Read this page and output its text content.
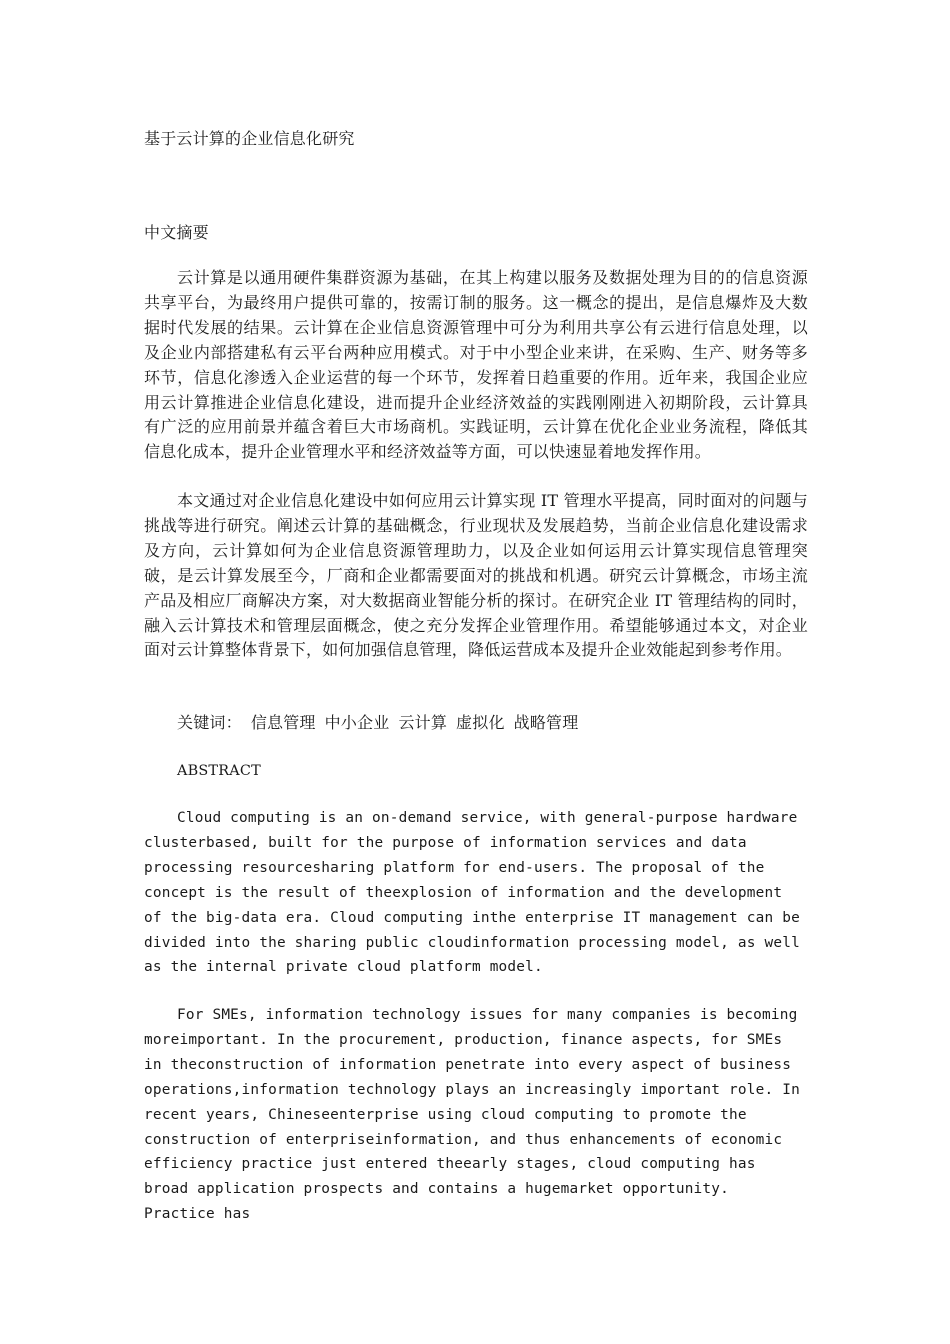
基于云计算的企业信息化研究

中文摘要

云计算是以通用硬件集群资源为基础，在其上构建以服务及数据处理为目的的信息资源共享平台，为最终用户提供可靠的，按需订制的服务。这一概念的提出，是信息爆炸及大数据时代发展的结果。云计算在企业信息资源管理中可分为利用共享公有云进行信息处理，以及企业内部搭建私有云平台两种应用模式。对于中小型企业来讲，在采购、生产、财务等多环节，信息化渗透入企业运营的每一个环节，发挥着日趋重要的作用。近年来，我国企业应用云计算推进企业信息化建设，进而提升企业经济效益的实践刚刚进入初期阶段，云计算具有广泛的应用前景并蕴含着巨大市场商机。实践证明，云计算在优化企业业务流程，降低其信息化成本，提升企业管理水平和经济效益等方面，可以快速显着地发挥作用。

本文通过对企业信息化建设中如何应用云计算实现 IT 管理水平提高，同时面对的问题与挑战等进行研究。阐述云计算的基础概念，行业现状及发展趋势，当前企业信息化建设需求及方向，云计算如何为企业信息资源管理助力，以及企业如何运用云计算实现信息管理突破，是云计算发展至今，厂商和企业都需要面对的挑战和机遇。研究云计算概念，市场主流产品及相应厂商解决方案，对大数据商业智能分析的探讨。在研究企业 IT 管理结构的同时，融入云计算技术和管理层面概念，使之充分发挥企业管理作用。希望能够通过本文，对企业面对云计算整体背景下，如何加强信息管理，降低运营成本及提升企业效能起到参考作用。

关键词： 信息管理 中小企业 云计算 虚拟化 战略管理

ABSTRACT

Cloud computing is an on-demand service, with general-purpose hardware clusterbased, built for the purpose of information services and data processing resourcesharing platform for end-users. The proposal of the concept is the result of theexplosion of information and the development of the big-data era. Cloud computing inthe enterprise IT management can be divided into the sharing public cloudinformation processing model, as well as the internal private cloud platform model.

For SMEs, information technology issues for many companies is becoming moreimportant. In the procurement, production, finance aspects, for SMEs in theconstruction of information penetrate into every aspect of business operations,information technology plays an increasingly important role. In recent years, Chineseenterprise using cloud computing to promote the construction of enterpriseinformation, and thus enhancements of economic efficiency practice just entered theearly stages, cloud computing has broad application prospects and contains a hugemarket opportunity. Practice has
